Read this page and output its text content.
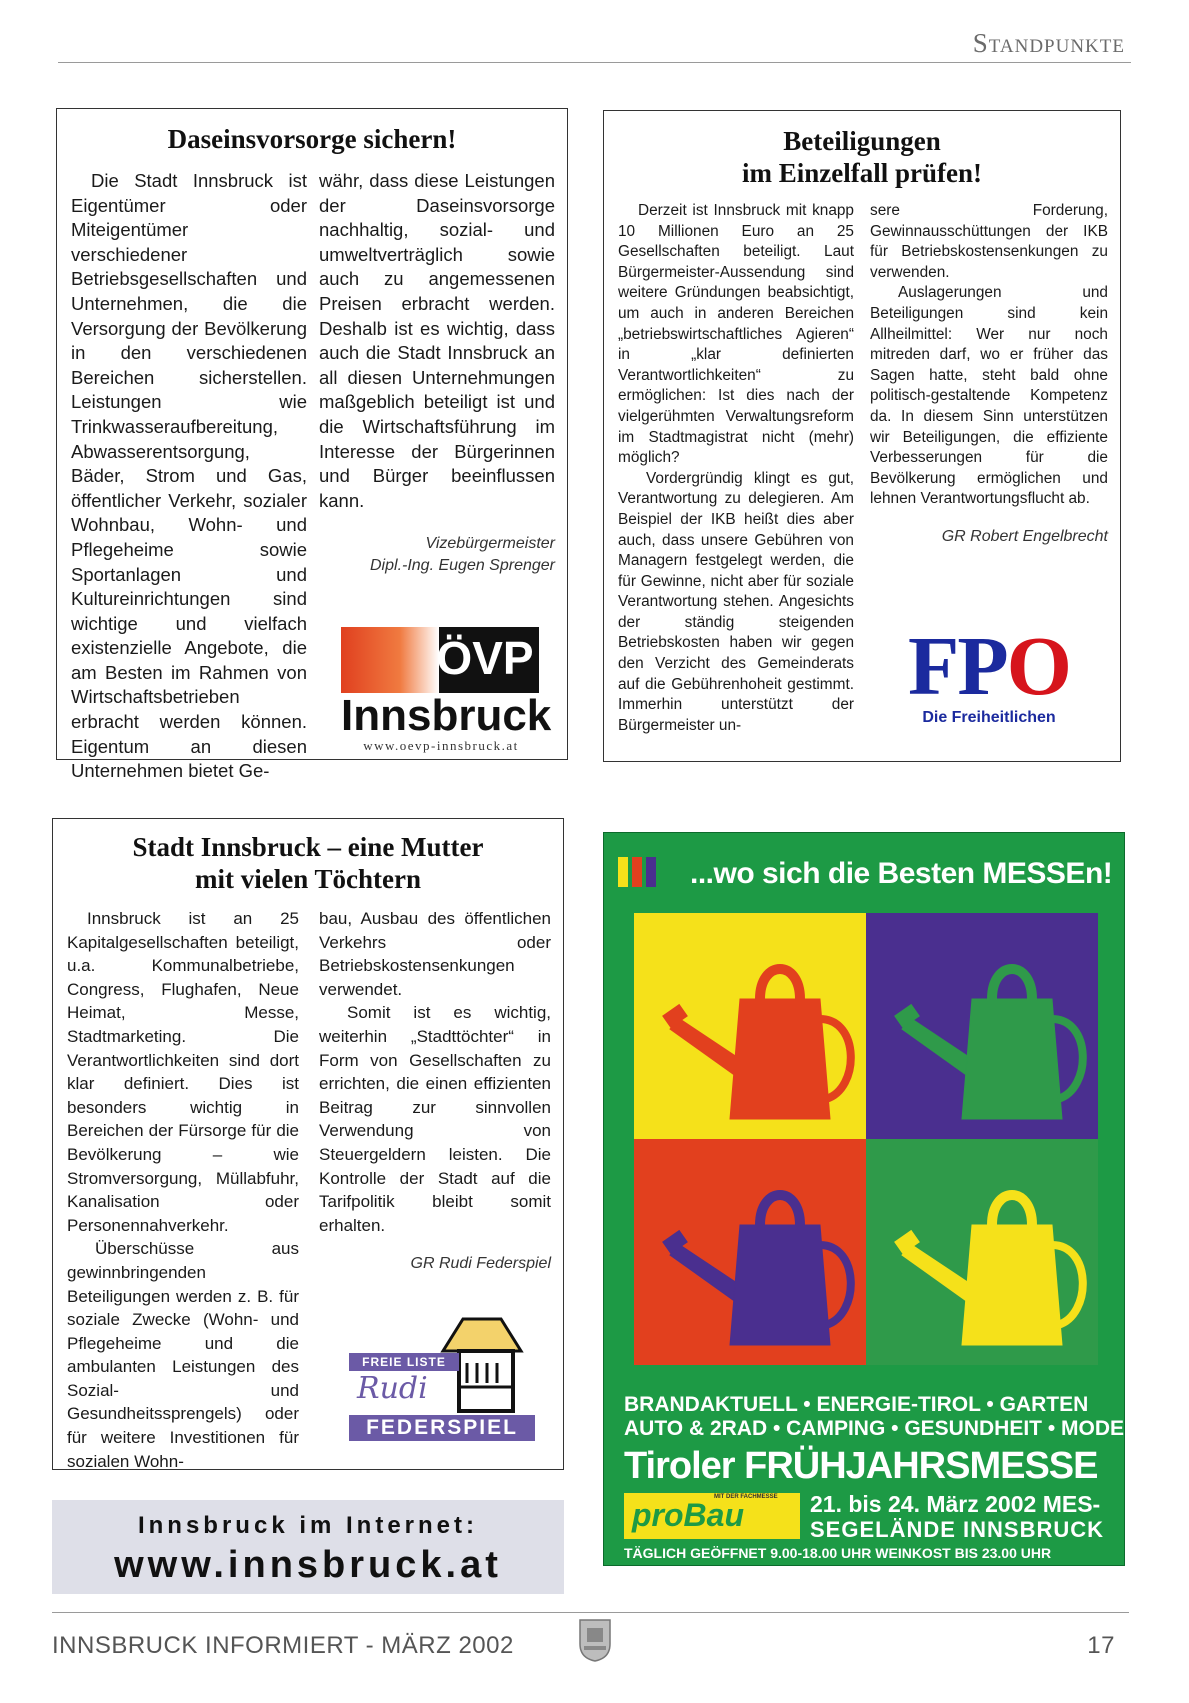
Standpunkte
Daseinsvorsorge sichern!

Die Stadt Innsbruck ist Eigentümer oder Miteigentümer verschiedener Betriebsgesellschaften und Unternehmen, die die Versorgung der Bevölkerung in den verschiedenen Bereichen sicherstellen. Leistungen wie Trinkwasseraufbereitung, Abwasserentsorgung, Bäder, Strom und Gas, öffentlicher Verkehr, sozialer Wohnbau, Wohn- und Pflegeheime sowie Sportanlagen und Kultureinrichtungen sind wichtige und vielfach existenzielle Angebote, die am Besten im Rahmen von Wirtschaftsbetrieben erbracht werden können. Eigentum an diesen Unternehmen bietet Ge-

währ, dass diese Leistungen der Daseinsvorsorge nachhaltig, sozial- und umweltverträglich sowie auch zu angemessenen Preisen erbracht werden. Deshalb ist es wichtig, dass auch die Stadt Innsbruck an all diesen Unternehmungen maßgeblich beteiligt ist und die Wirtschaftsführung im Interesse der Bürgerinnen und Bürger beeinflussen kann.

Vizebürgermeister
Dipl.-Ing. Eugen Sprenger
ÖVP
Innsbruck
www.oevp-innsbruck.at
Beteiligungen
im Einzelfall prüfen!

Derzeit ist Innsbruck mit knapp 10 Millionen Euro an 25 Gesellschaften beteiligt. Laut Bürgermeister-Aussendung sind weitere Gründungen beabsichtigt, um auch in anderen Bereichen „betriebswirtschaftliches Agieren“ in „klar definierten Verantwortlichkeiten“ zu ermöglichen: Ist dies nach der vielgerühmten Verwaltungsreform im Stadtmagistrat nicht (mehr) möglich?

Vordergründig klingt es gut, Verantwortung zu delegieren. Am Beispiel der IKB heißt dies aber auch, dass unsere Gebühren von Managern festgelegt werden, die für Gewinne, nicht aber für soziale Verantwortung stehen. Angesichts der ständig steigenden Betriebskosten haben wir gegen den Verzicht des Gemeinderats auf die Gebührenhoheit gestimmt. Immerhin unterstützt der Bürgermeister un-

sere Forderung, Gewinnausschüttungen der IKB für Betriebskostensenkungen zu verwenden.

Auslagerungen und Beteiligungen sind kein Allheilmittel: Wer nur noch mitreden darf, wo er früher das Sagen hatte, steht bald ohne politisch-gestaltende Kompetenz da. In diesem Sinn unterstützen wir Beteiligungen, die effiziente Verbesserungen für die Bevölkerung ermöglichen und lehnen Verantwortungsflucht ab.

GR Robert Engelbrecht
FPO
Die Freiheitlichen
Stadt Innsbruck – eine Mutter
mit vielen Töchtern

Innsbruck ist an 25 Kapitalgesellschaften beteiligt, u.a. Kommunalbetriebe, Congress, Flughafen, Neue Heimat, Messe, Stadtmarketing. Die Verantwortlichkeiten sind dort klar definiert. Dies ist besonders wichtig in Bereichen der Fürsorge für die Bevölkerung – wie Stromversorgung, Müllabfuhr, Kanalisation oder Personennahverkehr.

Überschüsse aus gewinnbringenden Beteiligungen werden z. B. für soziale Zwecke (Wohn- und Pflegeheime und die ambulanten Leistungen des Sozial- und Gesundheitssprengels) oder für weitere Investitionen für sozialen Wohn-

bau, Ausbau des öffentlichen Verkehrs oder Betriebskostensenkungen verwendet.

Somit ist es wichtig, weiterhin „Stadttöchter“ in Form von Gesellschaften zu errichten, die einen effizienten Beitrag zur sinnvollen Verwendung von Steuergeldern leisten. Die Kontrolle der Stadt auf die Tarifpolitik bleibt somit erhalten.

GR Rudi Federspiel
FREIE LISTE
Rudi
FEDERSPIEL
Innsbruck im Internet:
www.innsbruck.at
...wo sich die Besten MESSEn!
BRANDAKTUELL • ENERGIE-TIROL • GARTEN
AUTO & 2RAD • CAMPING • GESUNDHEIT • MODE
Tiroler FRÜHJAHRSMESSE
MIT DER FACHMESSE
proBau	21. bis 24. März 2002 MES-
SEGELÄNDE INNSBRUCK
TÄGLICH GEÖFFNET 9.00-18.00 UHR WEINKOST BIS 23.00 UHR
INNSBRUCK INFORMIERT - MÄRZ 2002	17
